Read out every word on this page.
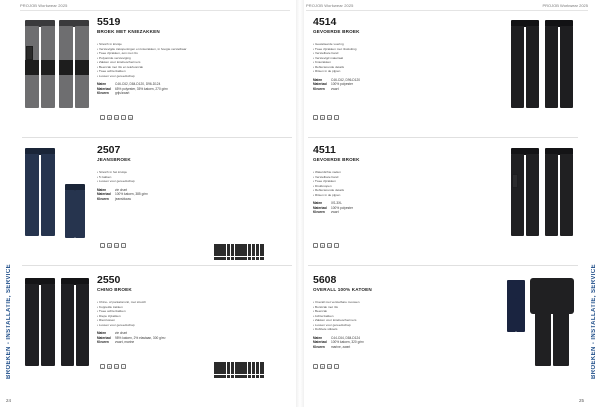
PROJOB Workwear 2025
5519
BROEK MET KNIEZAKKEN
• Stretch in kruisje
• Verstevigde zakopeningen en kniezakken, in hoogte verstelbaar
• Twee zijzakken, één met rits
• Polyamide versteviging
• Zakken voor kniebeschermers
• Beenzak met rits en telefoonzak
• Twee achterzakken
• Lussen voor gereedschap
Maten	C46-C62, D84-D120, D96-D124
Materiaal	65% polyester, 35% katoen, 270 g/m²
Kleuren	grijs/zwart
~	✕	▭	○	◎
2507
JEANSBROEK
• Stretch in het kruisje
• 5 zakken
• Lussen voor gereedschap
Maten	zie chart
Materiaal	100% katoen, 385 g/m²
Kleuren	jeansblauw
~	✕	▭	○
2550
CHINO BROEK
• Chino- of pantalonsnit, met stretch
• Koppelde zakken
• Twee achterzakken
• Diepe zijzakken
• Riemlussen
• Lussen voor gereedschap
Maten	zie chart
Materiaal	98% katoen, 2% elastaan, 300 g/m²
Kleuren	zwart, marine
~	✕	▭	○
BROEKEN - INSTALLATIE, SERVICE
24
PROJOB Workwear 2025	PROJOB Workwear 2025
4514
GEVOERDE BROEK
• Gewatteerde voering
• Twee zijzakken met ritssluiting
• Verstelbare band
• Verstevigd materiaal
• Kniezakken
• Reflecterende details
• Ritsen in de pijpen
Maten	C46-C62, D96-D120
Materiaal	100% polyester
Kleuren	zwart
~	✕	▭	○
4511
GEVOERDE BROEK
• Waterdichte naden
• Verstelbare band
• Twee zijzakken
• Drukknopen
• Reflecterende details
• Ritsen in de pijpen
Maten	XS-3XL
Materiaal	100% polyester
Kleuren	zwart
~	✕	▭	○
5608
OVERALL 100% KATOEN
• Overall met verstelbare mouwen
• Borstzak met rits
• Beenzak
• Achterzakken
• Zakken voor kniebeschermers
• Lussen voor gereedschap
• Dubbele stiksels
Maten	C44-C64, D84-D124
Materiaal	100% katoen, 320 g/m²
Kleuren	marine, zwart
~	✕	▭	○	BROEKEN - INSTALLATIE, SERVICE
25
